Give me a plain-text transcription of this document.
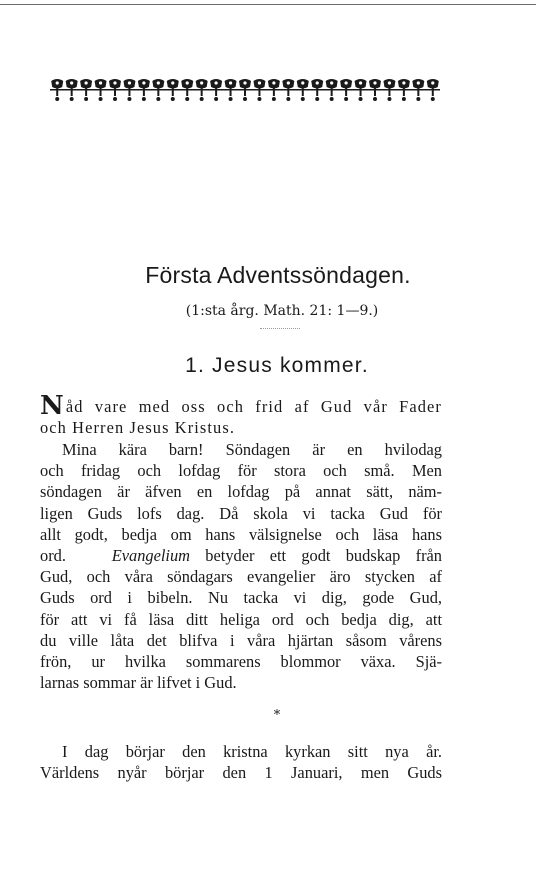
Första Adventssöndagen.
(1:sta årg. Math. 21: 1—9.)
1. Jesus kommer.
Nåd vare med oss och frid af Gud vår Fader
och Herren Jesus Kristus.
Mina kära barn! Söndagen är en hvilodag
och fridag och lofdag för stora och små. Men
söndagen är äfven en lofdag på annat sätt, näm-
ligen Guds lofs dag. Då skola vi tacka Gud för
allt godt, bedja om hans välsignelse och läsa hans
ord.	Evangelium betyder ett godt budskap från
Gud, och våra söndagars evangelier äro stycken af
Guds ord i bibeln. Nu tacka vi dig, gode Gud,
för att vi få läsa ditt heliga ord och bedja dig, att
du ville låta det blifva i våra hjärtan såsom vårens
frön, ur hvilka sommarens blommor växa. Sjä-
larnas sommar är lifvet i Gud.
*
I dag börjar den kristna kyrkan sitt nya år.
Världens nyår börjar den 1 Januari, men Guds
